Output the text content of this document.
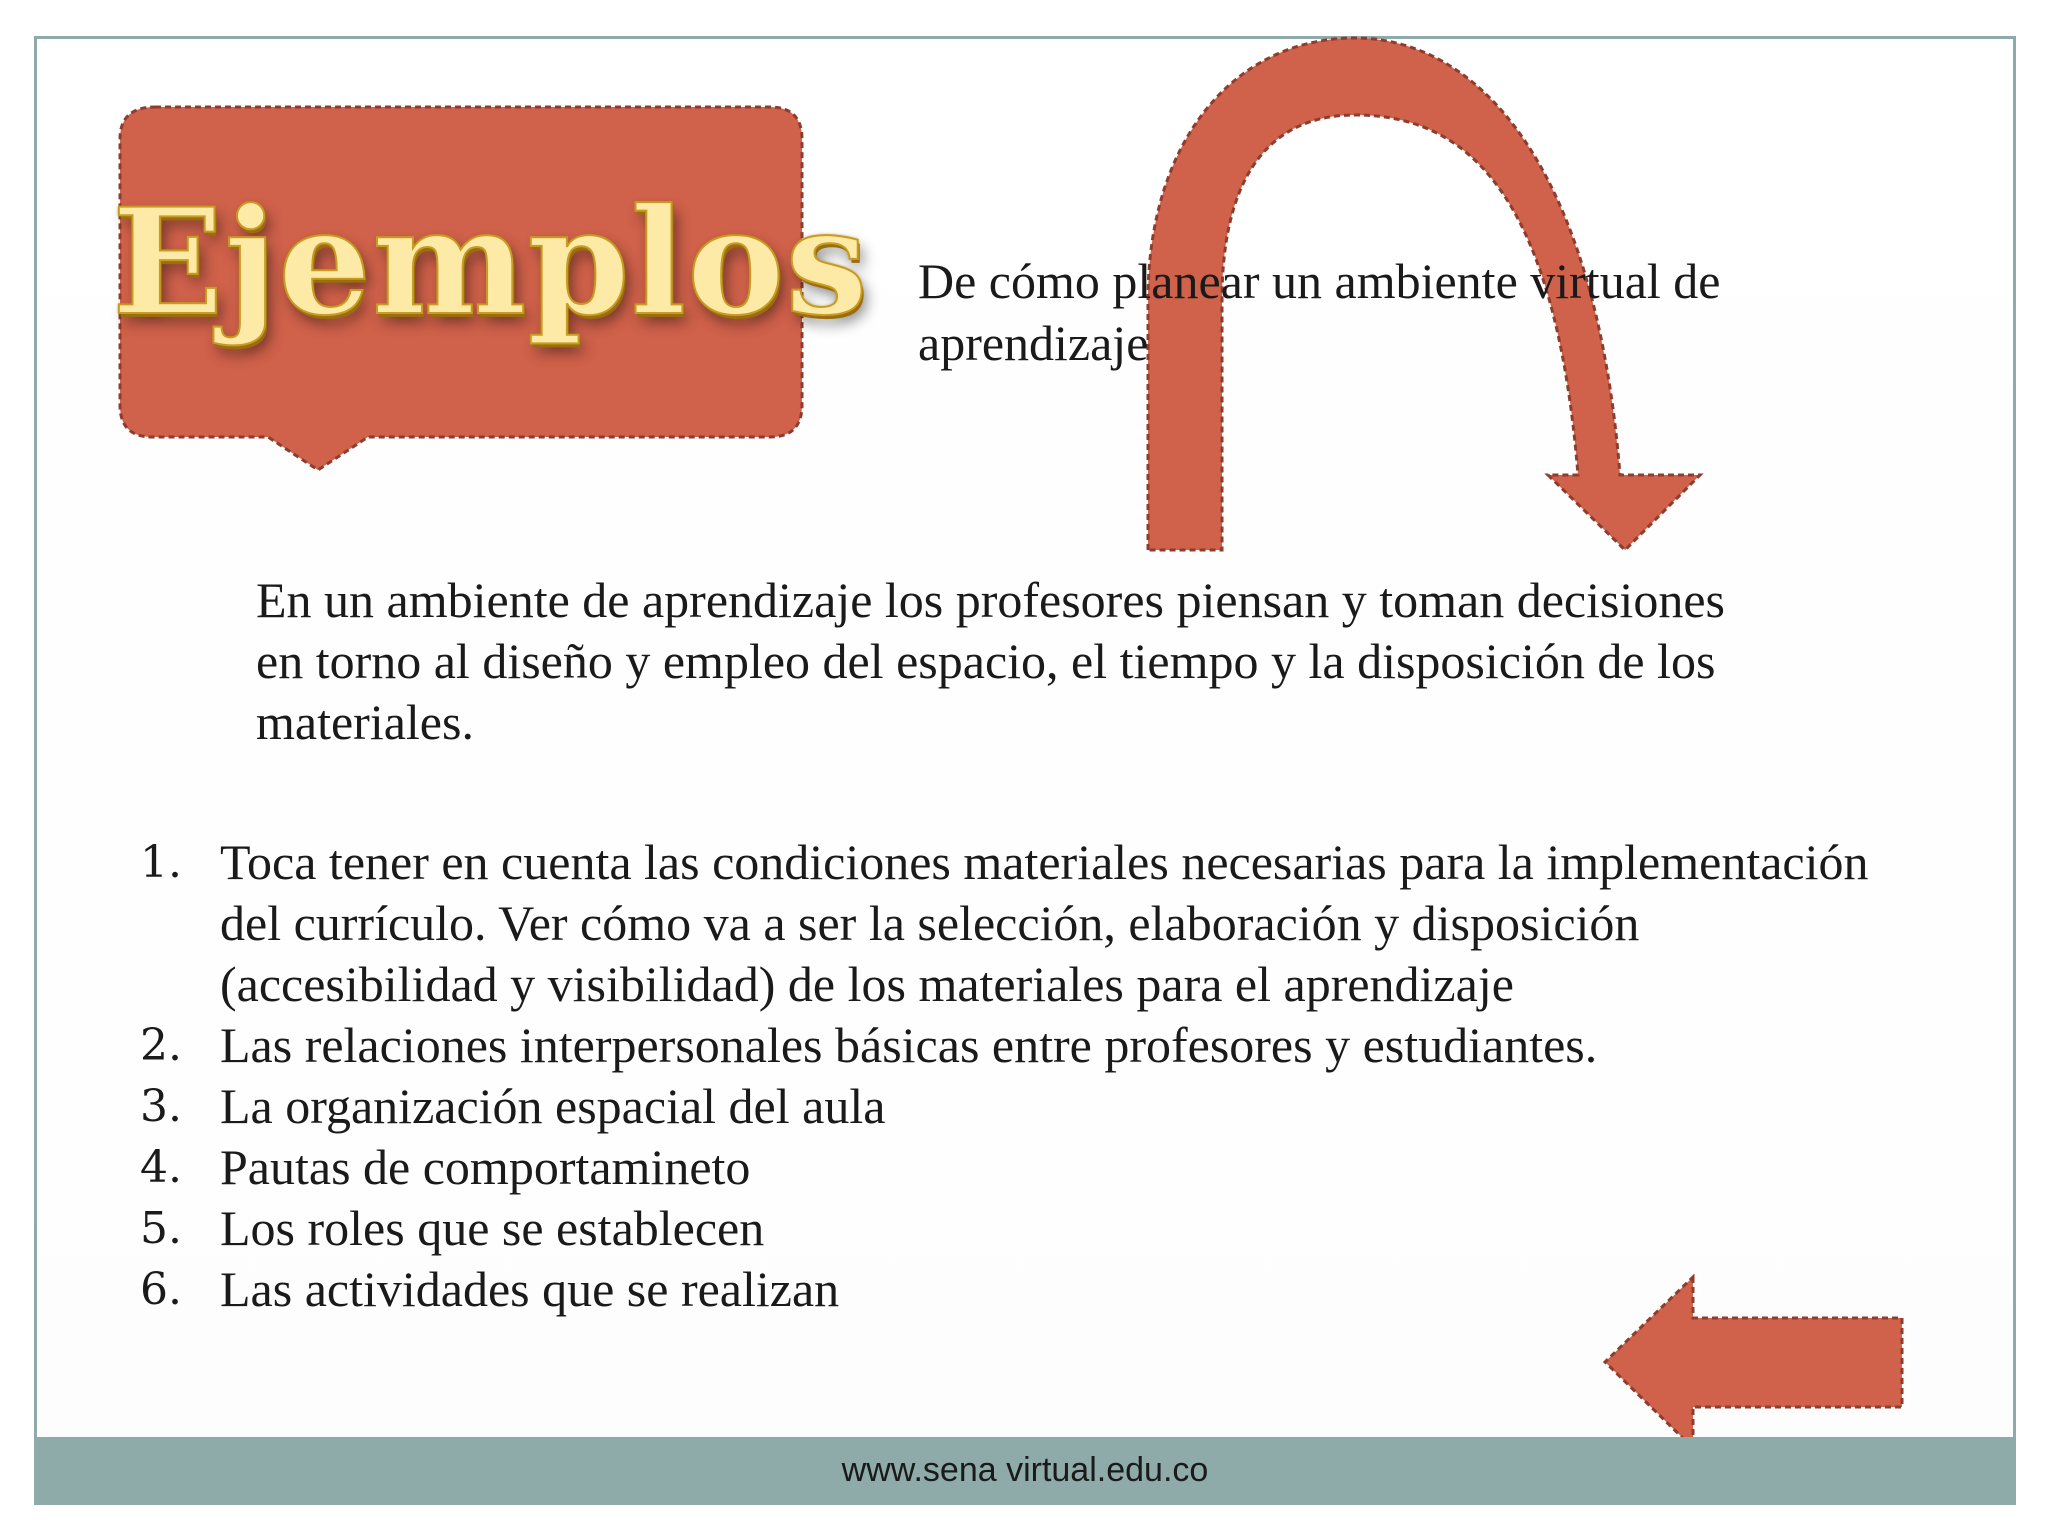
Ejemplos De cómo planear un ambiente virtual de aprendizaje

En un ambiente de aprendizaje los profesores piensan y toman decisiones en torno al diseño y empleo del espacio, el tiempo y la disposición de los materiales.

1. Toca tener en cuenta las condiciones materiales necesarias para la implementación del currículo. Ver cómo va a ser la selección, elaboración y disposición (accesibilidad y visibilidad) de los materiales para el aprendizaje
2. Las relaciones interpersonales básicas entre profesores y estudiantes.
3. La organización espacial del aula
4. Pautas de comportamineto
5. Los roles que se establecen
6. Las actividades que se realizan
www.sena virtual.edu.co
